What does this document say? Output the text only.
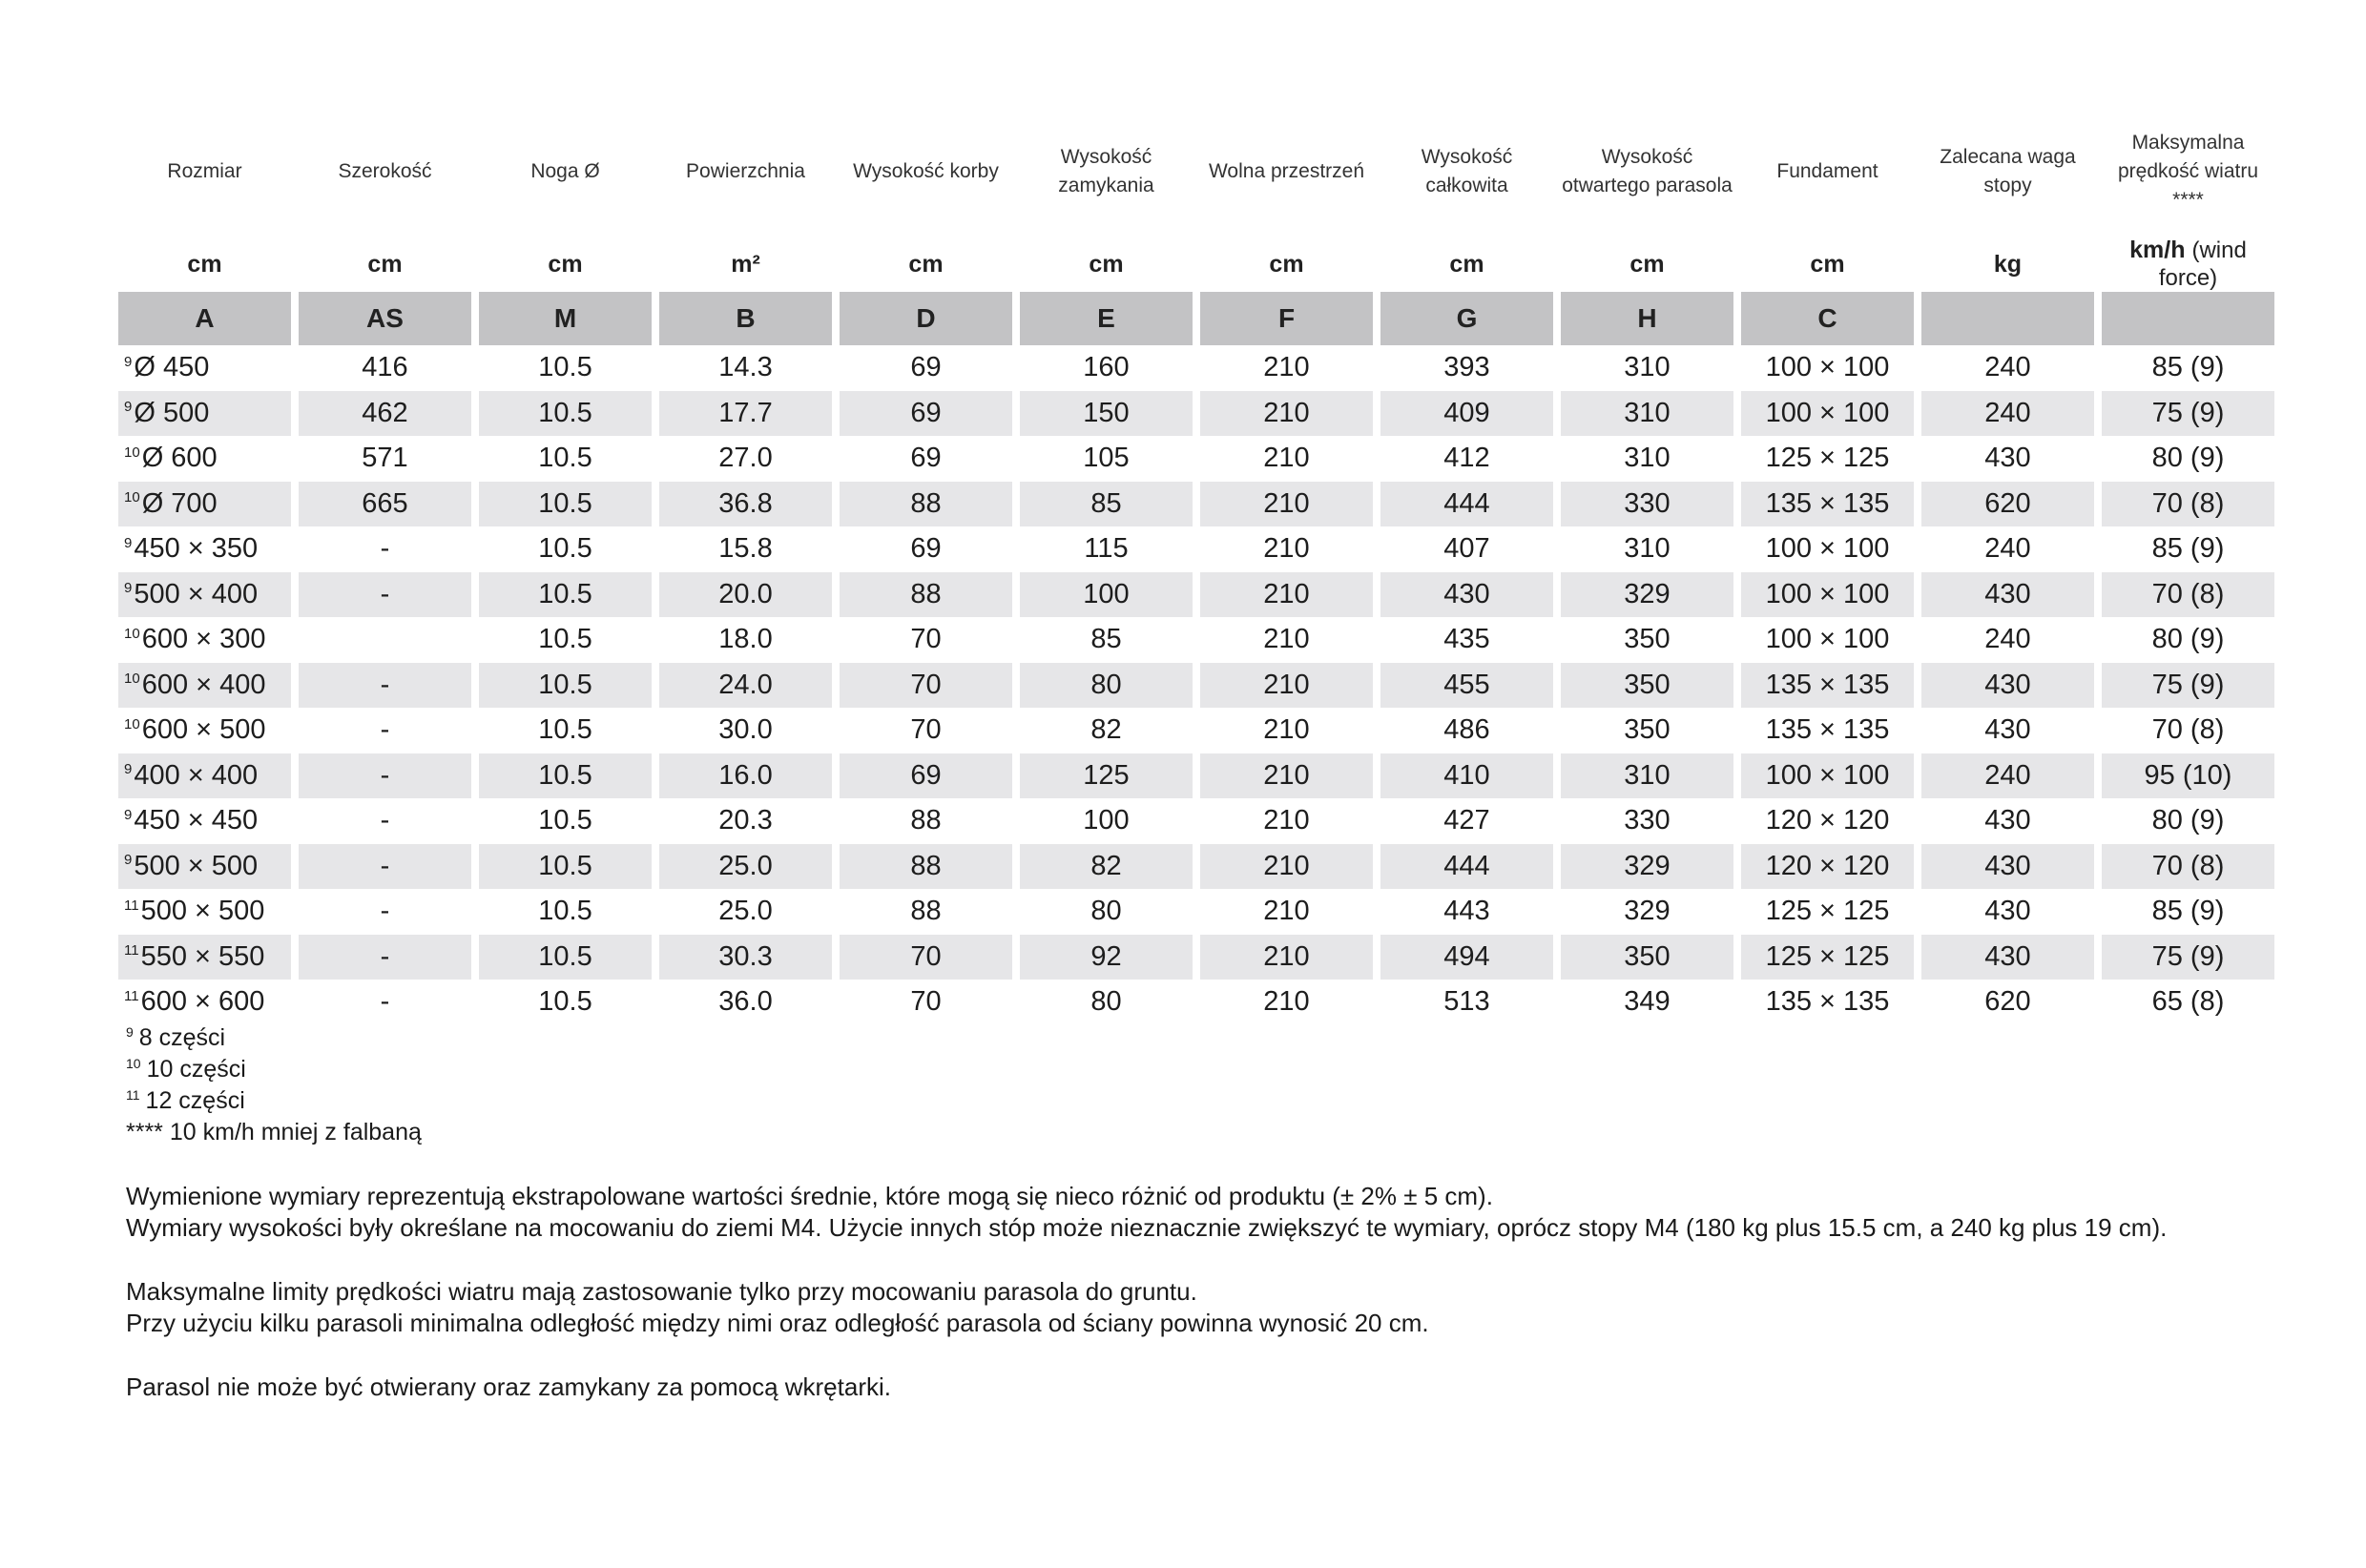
Rozmiar	Szerokość	Noga Ø	Powierzchnia	Wysokość korby	Wysokość zamykania	Wolna przestrzeń	Wysokość całkowita	Wysokość otwartego parasola	Fundament	Zalecana waga stopy	Maksymalna prędkość wiatru ****
cm	cm	cm	m²	cm	cm	cm	cm	cm	cm	kg	km/h (wind force)
A	AS	M	B	D	E	F	G	H	C		
$^9$Ø 450	416	10.5	14.3	69	160	210	393	310	100 × 100	240	85 (9)
$^9$Ø 500	462	10.5	17.7	69	150	210	409	310	100 × 100	240	75 (9)
$^{10}$Ø 600	571	10.5	27.0	69	105	210	412	310	125 × 125	430	80 (9)
$^{10}$Ø 700	665	10.5	36.8	88	85	210	444	330	135 × 135	620	70 (8)
$^9$450 × 350	-	10.5	15.8	69	115	210	407	310	100 × 100	240	85 (9)
$^9$500 × 400	-	10.5	20.0	88	100	210	430	329	100 × 100	430	70 (8)
$^{10}$600 × 300		10.5	18.0	70	85	210	435	350	100 × 100	240	80 (9)
$^{10}$600 × 400	-	10.5	24.0	70	80	210	455	350	135 × 135	430	75 (9)
$^{10}$600 × 500	-	10.5	30.0	70	82	210	486	350	135 × 135	430	70 (8)
$^9$400 × 400	-	10.5	16.0	69	125	210	410	310	100 × 100	240	95 (10)
$^9$450 × 450	-	10.5	20.3	88	100	210	427	330	120 × 120	430	80 (9)
$^9$500 × 500	-	10.5	25.0	88	82	210	444	329	120 × 120	430	70 (8)
$^{11}$500 × 500	-	10.5	25.0	88	80	210	443	329	125 × 125	430	85 (9)
$^{11}$550 × 550	-	10.5	30.3	70	92	210	494	350	125 × 125	430	75 (9)
$^{11}$600 × 600	-	10.5	36.0	70	80	210	513	349	135 × 135	620	65 (8)
$^9$ 8 części
$^{10}$ 10 części
$^{11}$ 12 części
**** 10 km/h mniej z falbaną
Wymienione wymiary reprezentują ekstrapolowane wartości średnie, które mogą się nieco różnić od produktu (± 2% ± 5 cm).
Wymiary wysokości były określane na mocowaniu do ziemi M4. Użycie innych stóp może nieznacznie zwiększyć te wymiary, oprócz stopy M4 (180 kg plus 15.5 cm, a 240 kg plus 19 cm).
Maksymalne limity prędkości wiatru mają zastosowanie tylko przy mocowaniu parasola do gruntu.
Przy użyciu kilku parasoli minimalna odległość między nimi oraz odległość parasola od ściany powinna wynosić 20 cm.
Parasol nie może być otwierany oraz zamykany za pomocą wkrętarki.
